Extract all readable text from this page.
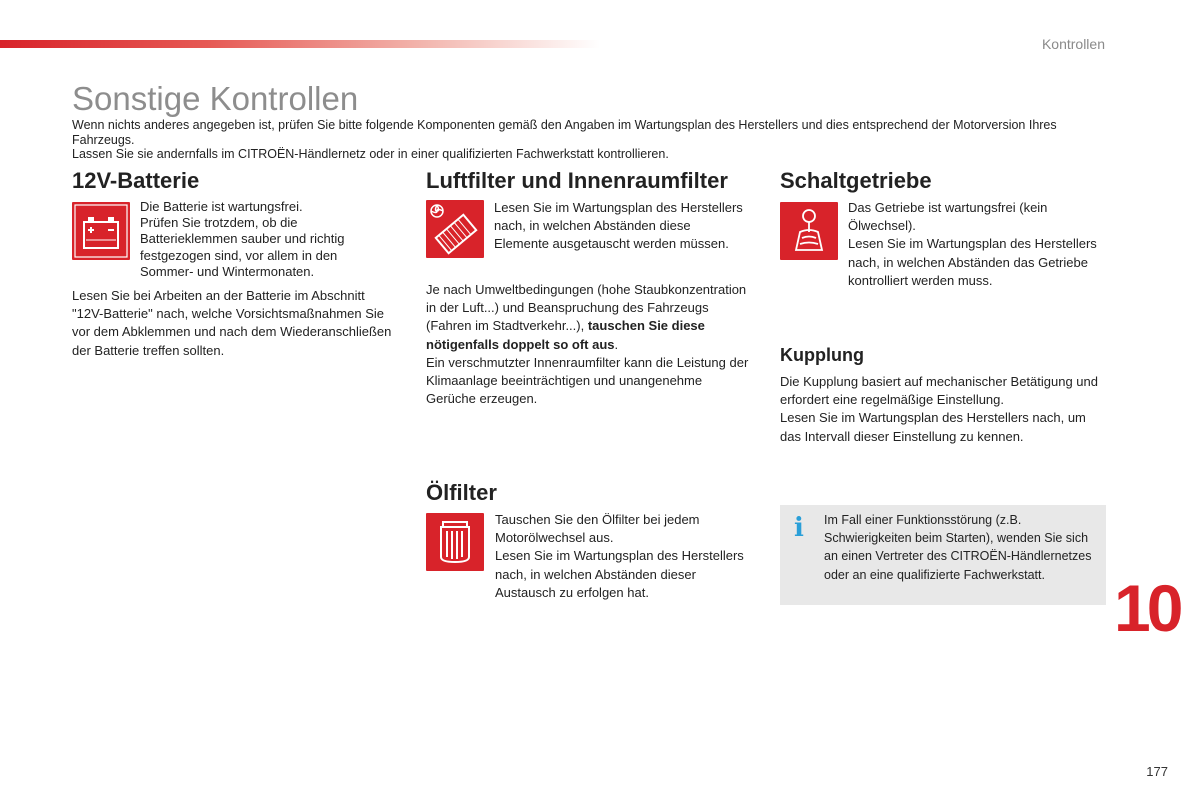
Kontrollen
Sonstige Kontrollen

Wenn nichts anderes angegeben ist, prüfen Sie bitte folgende Komponenten gemäß den Angaben im Wartungsplan des Herstellers und dies entsprechend der Motorversion Ihres Fahrzeugs.

Lassen Sie sie andernfalls im CITROËN-Händlernetz oder in einer qualifizierten Fachwerkstatt kontrollieren.

12V-Batterie
Die Batterie ist wartungsfrei.
Prüfen Sie trotzdem, ob die Batterieklemmen sauber und richtig festgezogen sind, vor allem in den Sommer- und Wintermonaten.
Lesen Sie bei Arbeiten an der Batterie im Abschnitt "12V-Batterie" nach, welche Vorsichtsmaßnahmen Sie vor dem Abklemmen und nach dem Wiederanschließen der Batterie treffen sollten.
Luftfilter und Innenraumfilter
Lesen Sie im Wartungsplan des Herstellers nach, in welchen Abständen diese Elemente ausgetauscht werden müssen.
Je nach Umweltbedingungen (hohe Staubkonzentration in der Luft...) und Beanspruchung des Fahrzeugs (Fahren im Stadtverkehr...), tauschen Sie diese nötigenfalls doppelt so oft aus.
Ein verschmutzter Innenraumfilter kann die Leistung der Klimaanlage beeinträchtigen und unangenehme Gerüche erzeugen.
Ölfilter
Tauschen Sie den Ölfilter bei jedem Motorölwechsel aus.
Lesen Sie im Wartungsplan des Herstellers nach, in welchen Abständen dieser Austausch zu erfolgen hat.
Schaltgetriebe
Das Getriebe ist wartungsfrei (kein Ölwechsel).
Lesen Sie im Wartungsplan des Herstellers nach, in welchen Abständen das Getriebe kontrolliert werden muss.
Kupplung
Die Kupplung basiert auf mechanischer Betätigung und erfordert eine regelmäßige Einstellung.
Lesen Sie im Wartungsplan des Herstellers nach, um das Intervall dieser Einstellung zu kennen.
i Im Fall einer Funktionsstörung (z.B. Schwierigkeiten beim Starten), wenden Sie sich an einen Vertreter des CITROËN-Händlernetzes oder an eine qualifizierte Fachwerkstatt.	10
177
